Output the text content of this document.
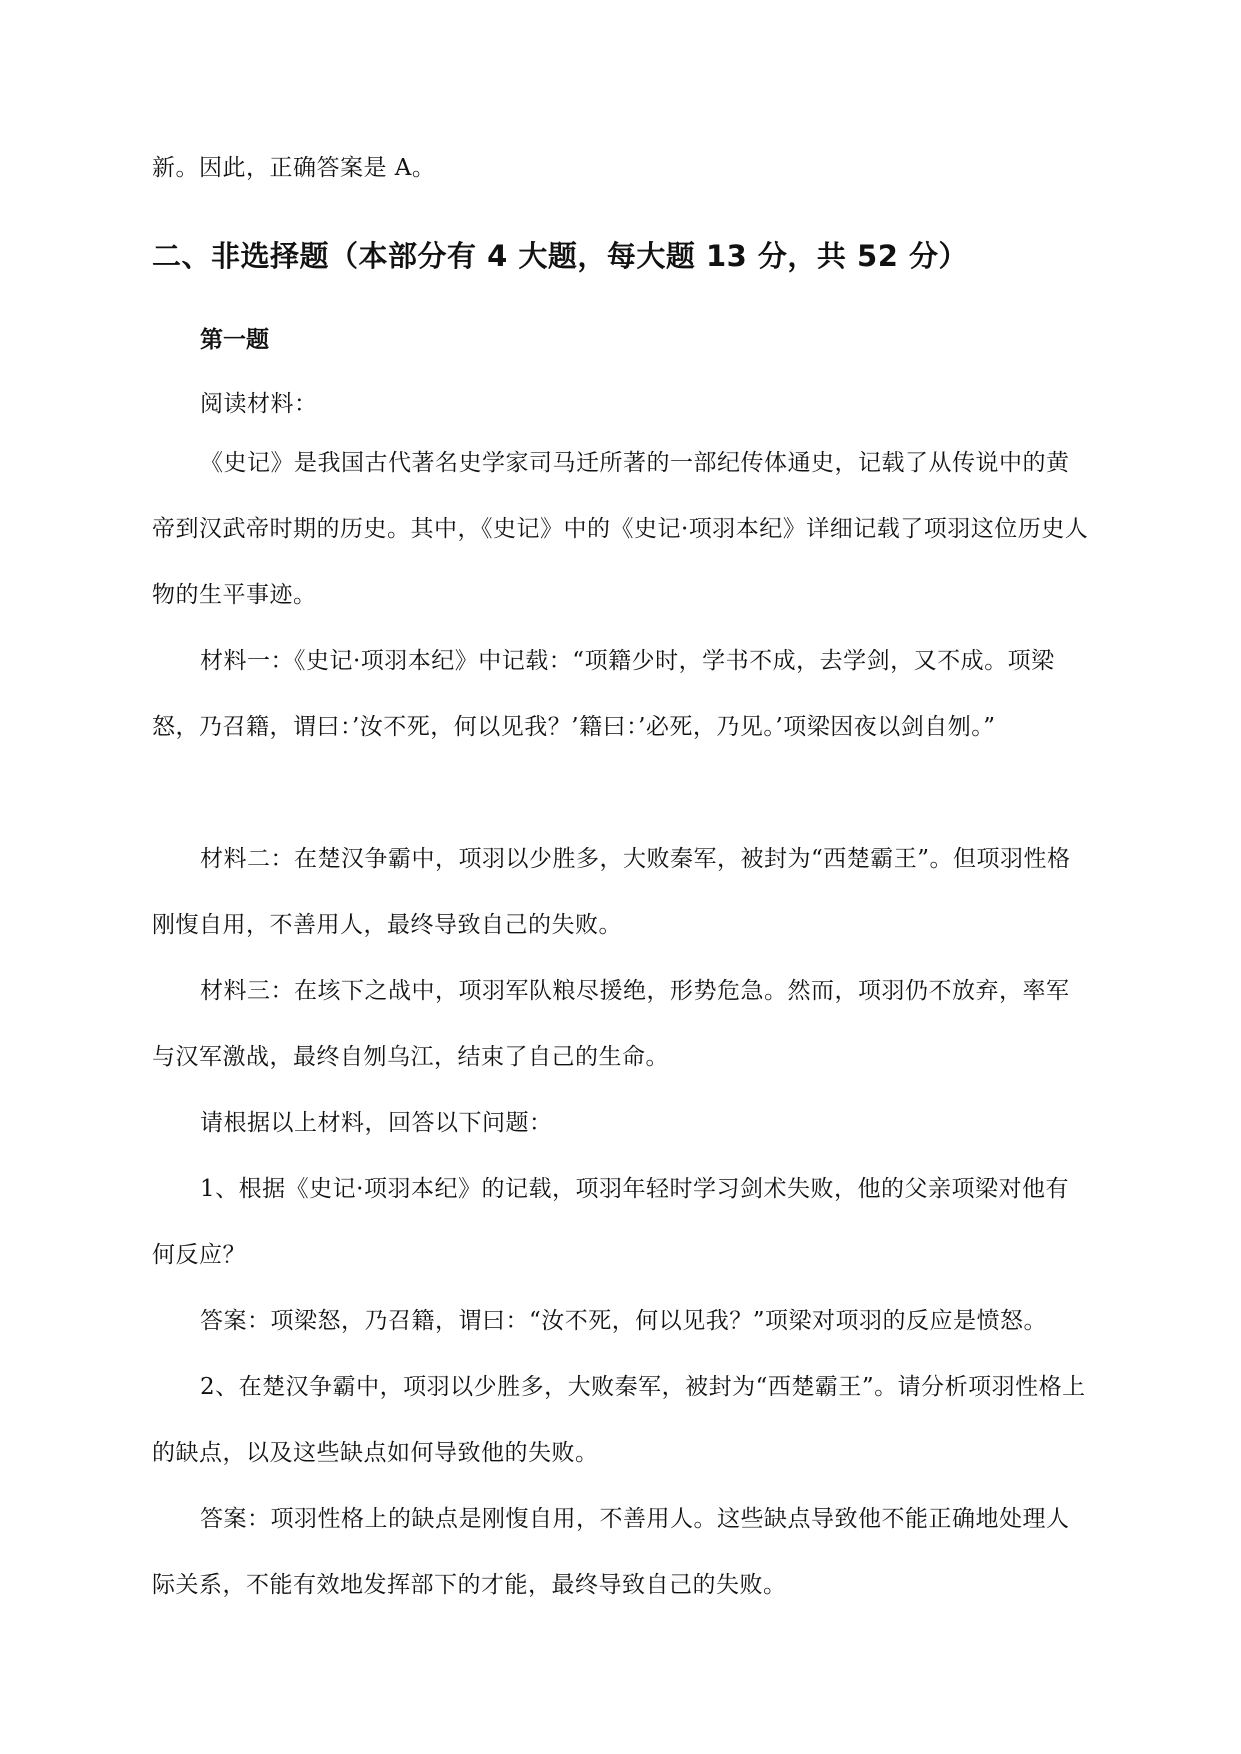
新。因此，正确答案是 A。

二、非选择题（本部分有 4 大题，每大题 13 分，共 52 分）
第一题

阅读材料：

《史记》是我国古代著名史学家司马迁所著的一部纪传体通史，记载了从传说中的黄帝到汉武帝时期的历史。其中，《史记》中的《史记·项羽本纪》详细记载了项羽这位历史人物的生平事迹。

材料一：《史记·项羽本纪》中记载：“项籍少时，学书不成，去学剑，又不成。项梁怒，乃召籍，谓曰：’汝不死，何以见我？’籍曰：’必死，乃见。’项梁因夜以剑自刎。”

材料二：在楚汉争霸中，项羽以少胜多，大败秦军，被封为“西楚霸王”。但项羽性格刚愎自用，不善用人，最终导致自己的失败。

材料三：在垓下之战中，项羽军队粮尽援绝，形势危急。然而，项羽仍不放弃，率军与汉军激战，最终自刎乌江，结束了自己的生命。

请根据以上材料，回答以下问题：

1、根据《史记·项羽本纪》的记载，项羽年轻时学习剑术失败，他的父亲项梁对他有何反应？

答案：项梁怒，乃召籍，谓曰：“汝不死，何以见我？”项梁对项羽的反应是愤怒。

2、在楚汉争霸中，项羽以少胜多，大败秦军，被封为“西楚霸王”。请分析项羽性格上的缺点，以及这些缺点如何导致他的失败。

答案：项羽性格上的缺点是刚愎自用，不善用人。这些缺点导致他不能正确地处理人际关系，不能有效地发挥部下的才能，最终导致自己的失败。
